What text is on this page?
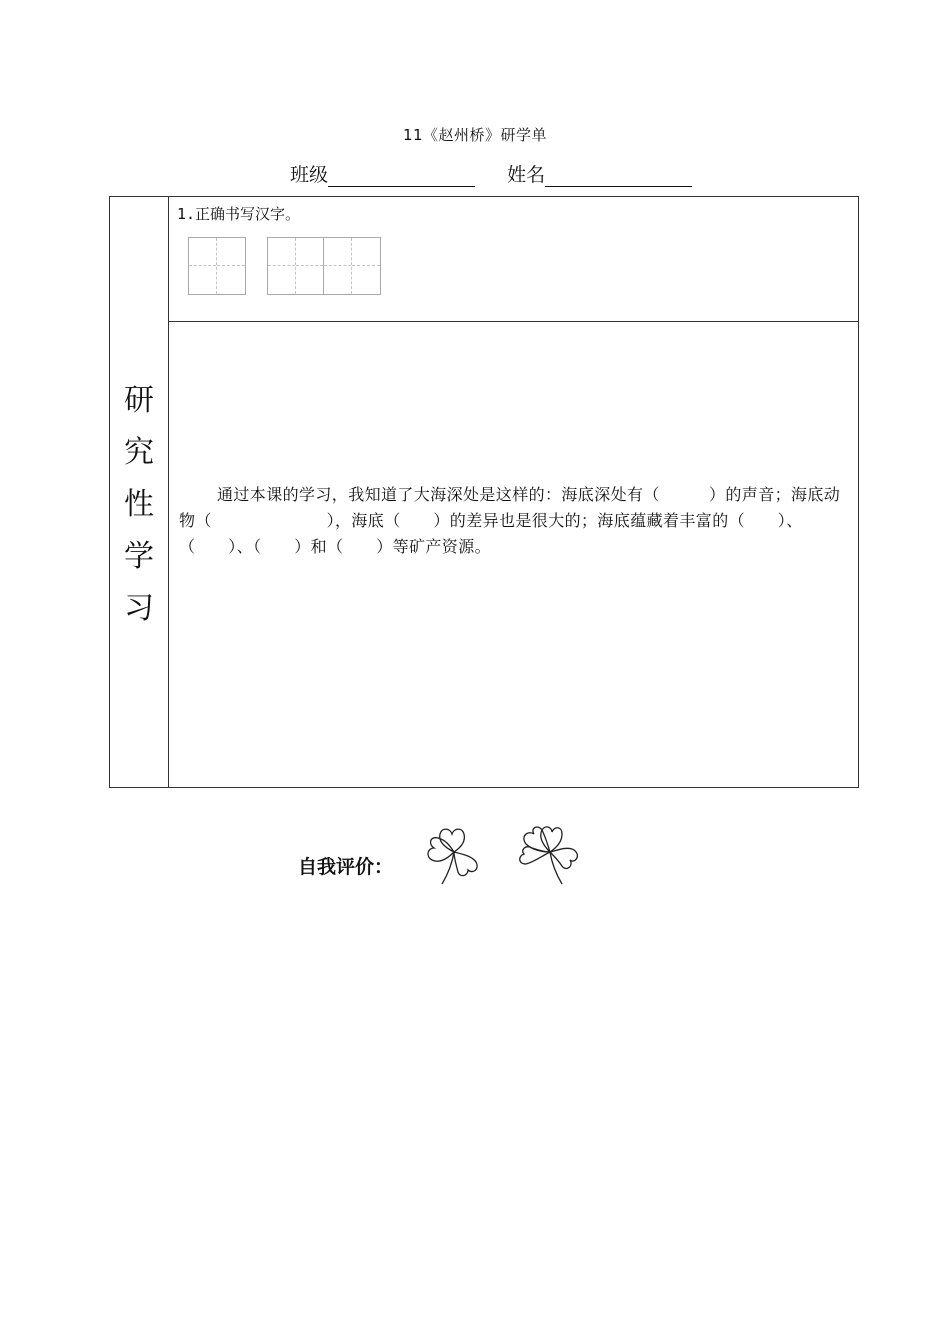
11《赵州桥》研学单
班级	姓名
研究性学习
1.正确书写汉字。
通过本课的学习，我知道了大海深处是这样的：海底深处有（　　　）的声音；海底动物（　　　　　　　），海底（　　）的差异也是很大的；海底蕴藏着丰富的（　　）、（　　）、（　　）和（　　）等矿产资源。
自我评价：
